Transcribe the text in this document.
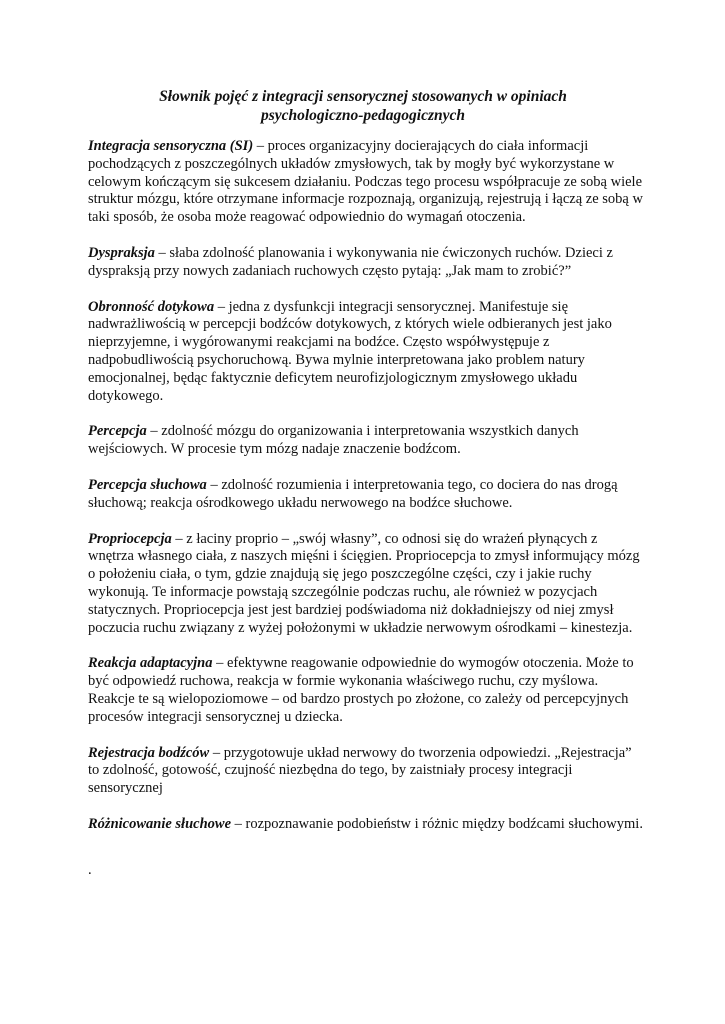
Słownik pojęć z integracji sensorycznej stosowanych w opiniach
psychologiczno-pedagogicznych

Integracja sensoryczna (SI) – proces organizacyjny docierających do ciała informacji pochodzących z poszczególnych układów zmysłowych, tak by mogły być wykorzystane w celowym kończącym się sukcesem działaniu. Podczas tego procesu współpracuje ze sobą wiele struktur mózgu, które otrzymane informacje rozpoznają, organizują, rejestrują i łączą ze sobą w taki sposób, że osoba może reagować odpowiednio do wymagań otoczenia.

Dyspraksja – słaba zdolność planowania i wykonywania nie ćwiczonych ruchów. Dzieci z dyspraksją przy nowych zadaniach ruchowych często pytają: „Jak mam to zrobić?”

Obronność dotykowa – jedna z dysfunkcji integracji sensorycznej. Manifestuje się nadwrażliwością w percepcji bodźców dotykowych, z których wiele odbieranych jest jako nieprzyjemne, i wygórowanymi reakcjami na bodźce. Często współwystępuje z nadpobudliwością psychoruchową. Bywa mylnie interpretowana jako problem natury emocjonalnej, będąc faktycznie deficytem neurofizjologicznym zmysłowego układu dotykowego.

Percepcja – zdolność mózgu do organizowania i interpretowania wszystkich danych wejściowych. W procesie tym mózg nadaje znaczenie bodźcom.

Percepcja słuchowa – zdolność rozumienia i interpretowania tego, co dociera do nas drogą słuchową; reakcja ośrodkowego układu nerwowego na bodźce słuchowe.

Propriocepcja – z łaciny proprio – „swój własny”, co odnosi się do wrażeń płynących z wnętrza własnego ciała, z naszych mięśni i ścięgien. Propriocepcja to zmysł informujący mózg o położeniu ciała, o tym, gdzie znajdują się jego poszczególne części, czy i jakie ruchy wykonują. Te informacje powstają szczególnie podczas ruchu, ale również w pozycjach statycznych. Propriocepcja jest jest bardziej podświadoma niż dokładniejszy od niej zmysł poczucia ruchu związany z wyżej położonymi w układzie nerwowym ośrodkami – kinestezja.

Reakcja adaptacyjna – efektywne reagowanie odpowiednie do wymogów otoczenia. Może to być odpowiedź ruchowa, reakcja w formie wykonania właściwego ruchu, czy myślowa. Reakcje te są wielopoziomowe – od bardzo prostych po złożone, co zależy od percepcyjnych procesów integracji sensorycznej u dziecka.

Rejestracja bodźców – przygotowuje układ nerwowy do tworzenia odpowiedzi. „Rejestracja” to zdolność, gotowość, czujność niezbędna do tego, by zaistniały procesy integracji sensorycznej

Różnicowanie słuchowe – rozpoznawanie podobieństw i różnic między bodźcami słuchowymi.

.
